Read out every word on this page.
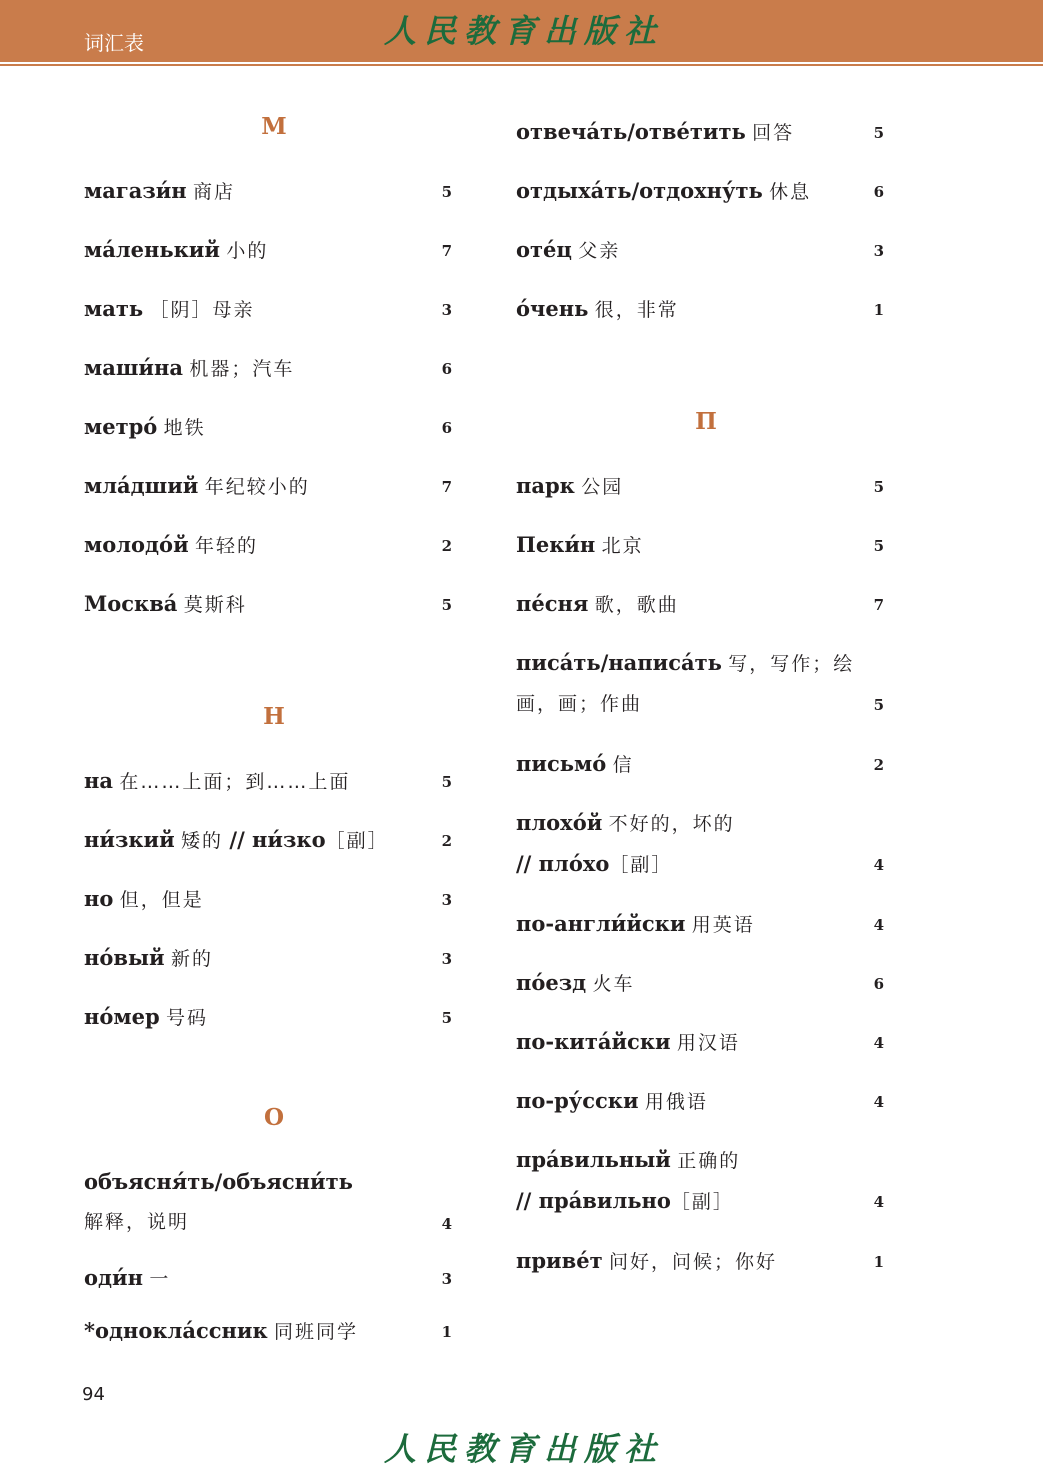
词汇表	人民教育出版社
М
магази́н 商店	5
ма́ленький 小的	7
мать ［阴］母亲	3
маши́на 机器；汽车	6
метро́ 地铁	6
мла́дший 年纪较小的	7
молодо́й 年轻的	2
Москва́ 莫斯科	5
Н
на 在……上面；到……上面	5
ни́зкий 矮的 // ни́зко［副］	2
но 但，但是	3
но́вый 新的	3
но́мер 号码	5
О
объясня́ть/объясни́ть
解释，说明	4
оди́н 一	3
*однокла́ссник 同班同学	1
отвеча́ть/отве́тить 回答	5
отдыха́ть/отдохну́ть 休息	6
оте́ц 父亲	3
о́чень 很，非常	1
П
парк 公园	5
Пеки́н 北京	5
пе́сня 歌，歌曲	7
писа́ть/написа́ть 写，写作；绘
画，画；作曲	5
письмо́ 信	2
плохо́й 不好的，坏的
// пло́хо［副］	4
по-англи́йски 用英语	4
по́езд 火车	6
по-кита́йски 用汉语	4
по-ру́сски 用俄语	4
пра́вильный 正确的
// пра́вильно［副］	4
приве́т 问好，问候；你好	1
94
人民教育出版社
